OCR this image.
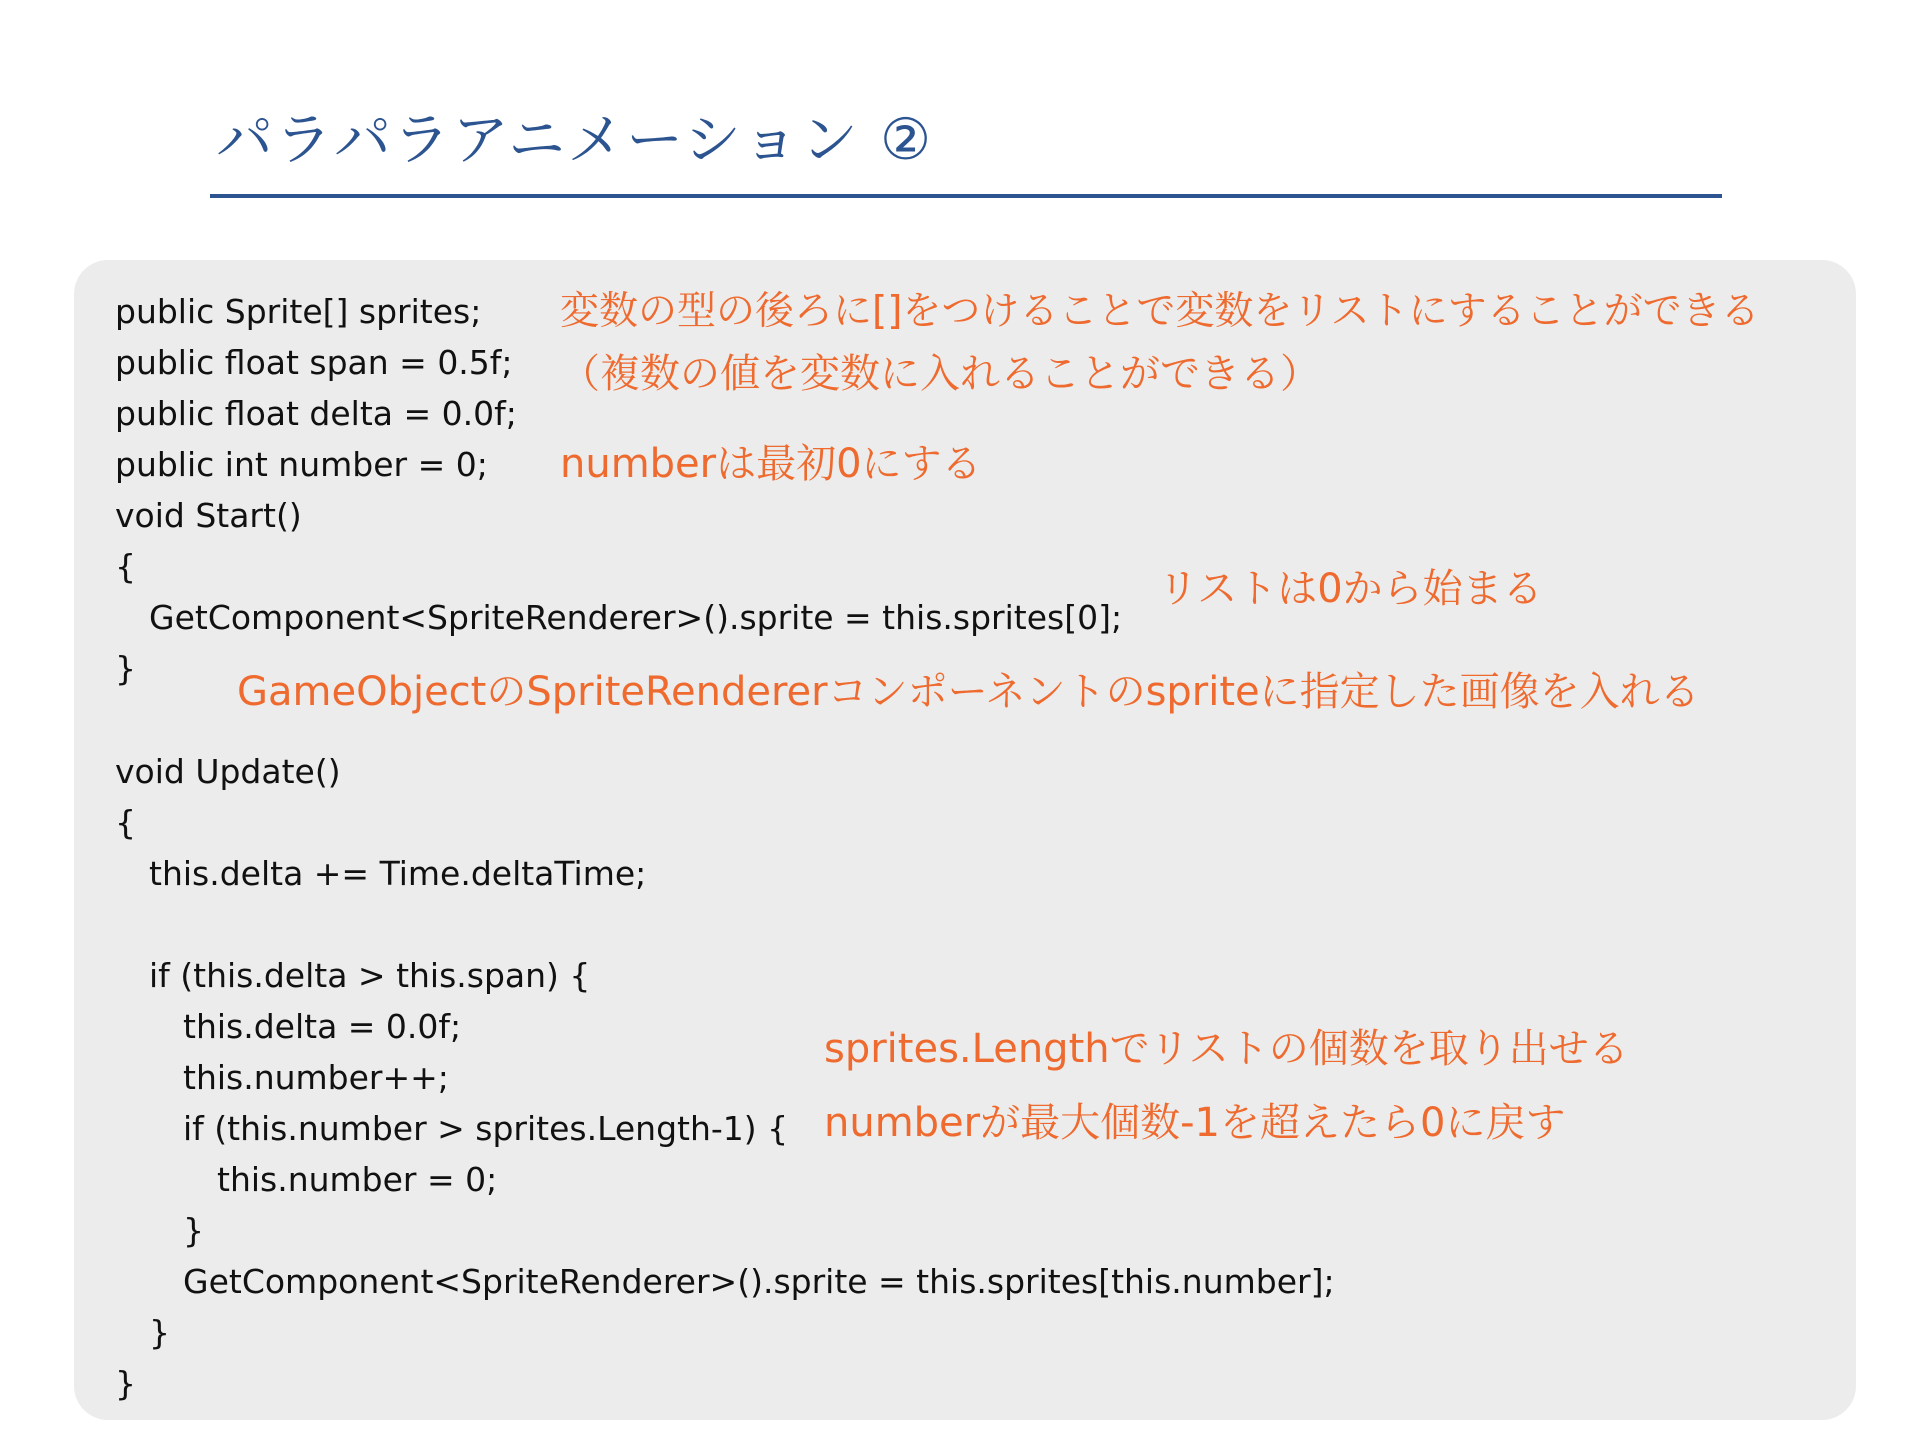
パラパラアニメーション ②
public Sprite[] sprites;
public float span = 0.5f;
public float delta = 0.0f;
public int number = 0;
void Start()
{
GetComponent<SpriteRenderer>().sprite = this.sprites[0];
}
void Update()
{
this.delta += Time.deltaTime;
if (this.delta > this.span) {
this.delta = 0.0f;
this.number++;
if (this.number > sprites.Length-1) {
this.number = 0;
}
GetComponent<SpriteRenderer>().sprite = this.sprites[this.number];
}
}
変数の型の後ろに[]をつけることで変数をリストにすることができる
（複数の値を変数に入れることができる）
numberは最初0にする
リストは0から始まる
GameObjectのSpriteRendererコンポーネントのspriteに指定した画像を入れる
sprites.Lengthでリストの個数を取り出せる
numberが最大個数-1を超えたら0に戻す
